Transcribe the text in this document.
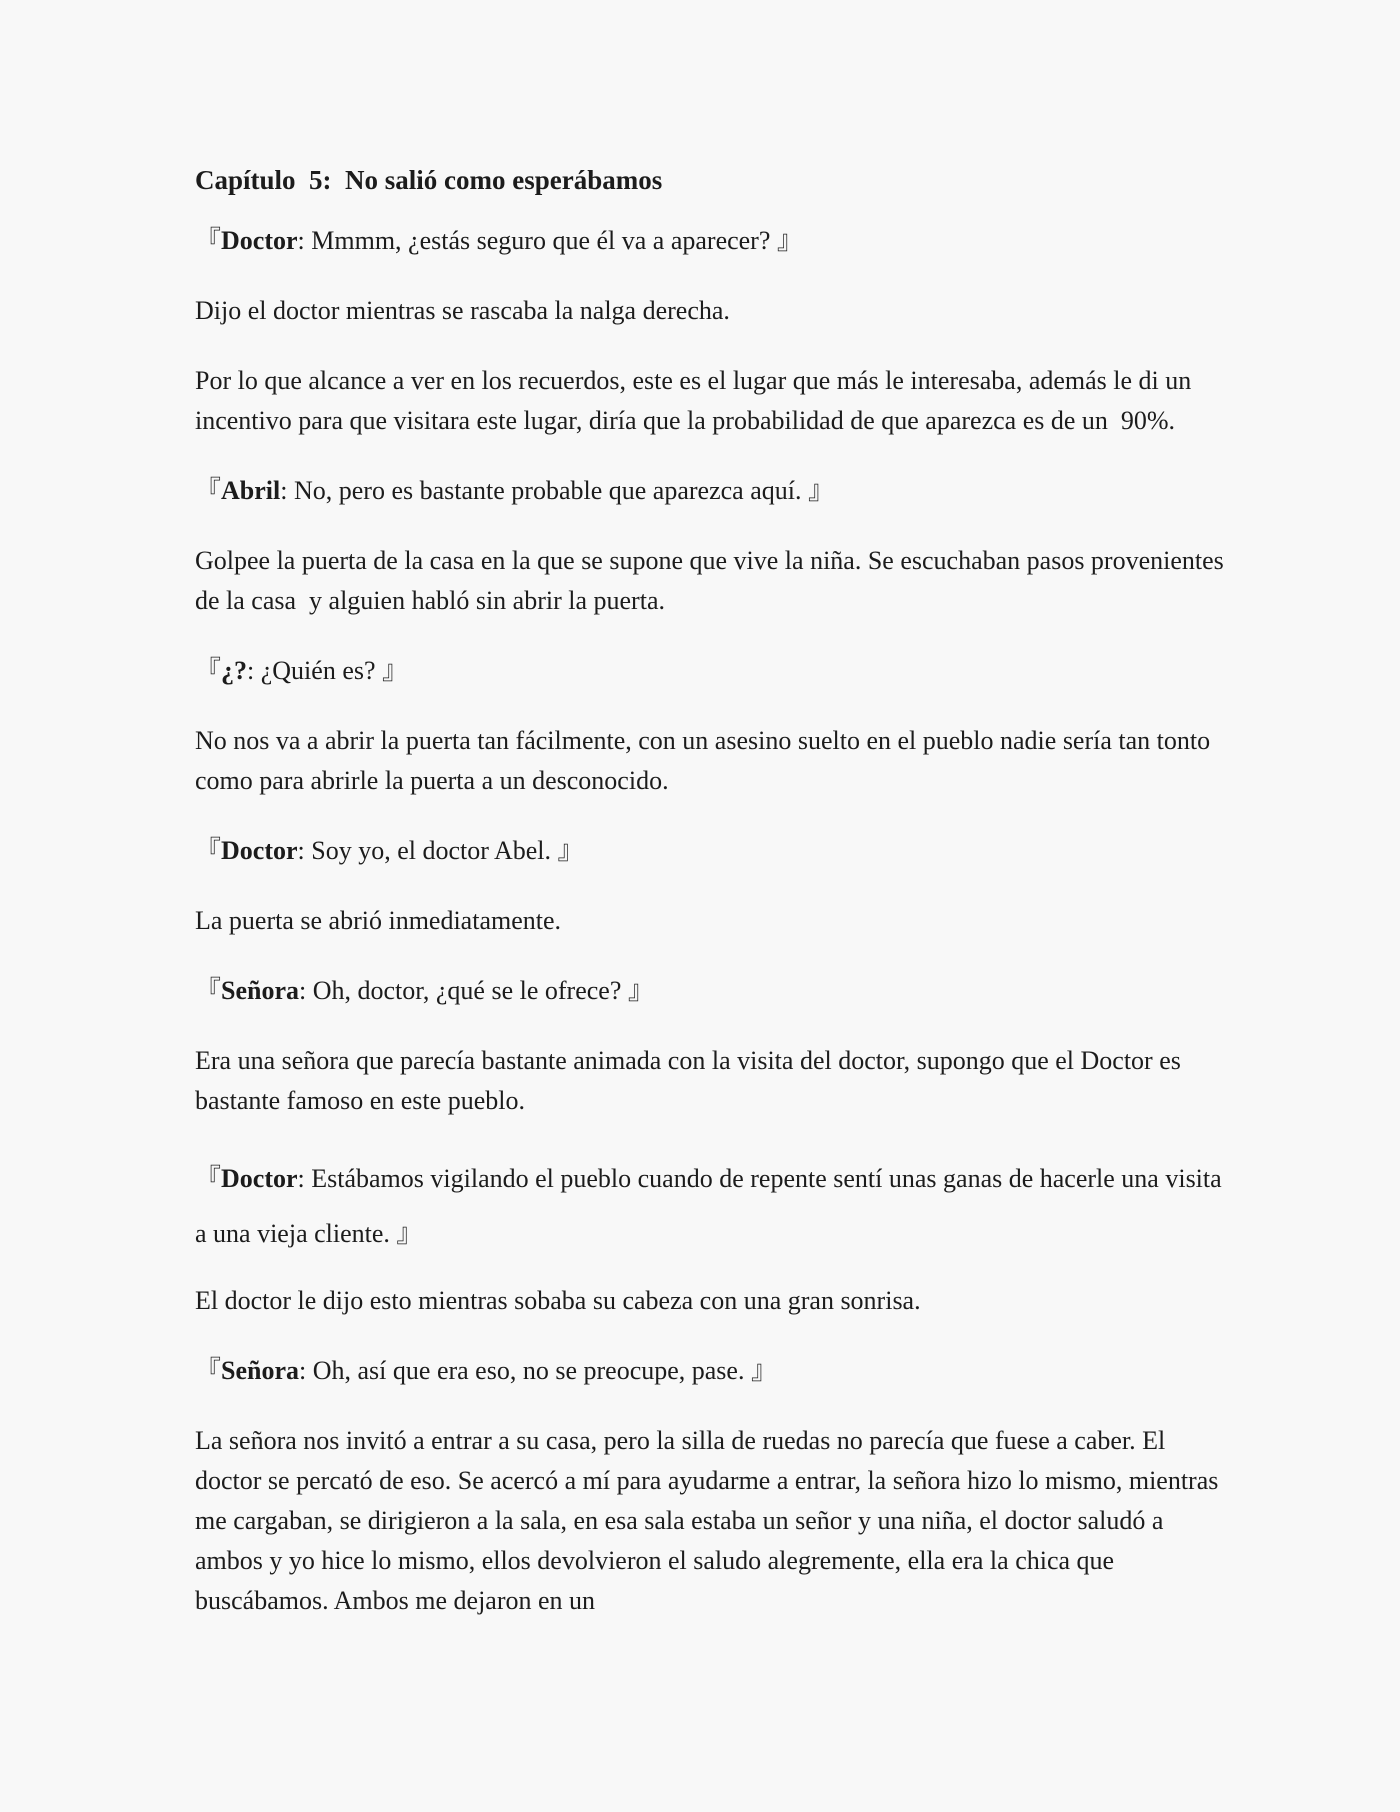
Capítulo  5:  No salió como esperábamos

『Doctor: Mmmm, ¿estás seguro que él va a aparecer? 』

Dijo el doctor mientras se rascaba la nalga derecha.

Por lo que alcance a ver en los recuerdos, este es el lugar que más le interesaba, además le di un incentivo para que visitara este lugar, diría que la probabilidad de que aparezca es de un  90%.

『Abril: No, pero es bastante probable que aparezca aquí. 』

Golpee la puerta de la casa en la que se supone que vive la niña. Se escuchaban pasos provenientes de la casa  y alguien habló sin abrir la puerta.

『¿?: ¿Quién es? 』

No nos va a abrir la puerta tan fácilmente, con un asesino suelto en el pueblo nadie sería tan tonto como para abrirle la puerta a un desconocido.

『Doctor: Soy yo, el doctor Abel. 』

La puerta se abrió inmediatamente.

『Señora: Oh, doctor, ¿qué se le ofrece? 』

Era una señora que parecía bastante animada con la visita del doctor, supongo que el Doctor es bastante famoso en este pueblo.

『Doctor: Estábamos vigilando el pueblo cuando de repente sentí unas ganas de hacerle una visita a una vieja cliente. 』

El doctor le dijo esto mientras sobaba su cabeza con una gran sonrisa.

『Señora: Oh, así que era eso, no se preocupe, pase. 』

La señora nos invitó a entrar a su casa, pero la silla de ruedas no parecía que fuese a caber. El doctor se percató de eso. Se acercó a mí para ayudarme a entrar, la señora hizo lo mismo, mientras me cargaban, se dirigieron a la sala, en esa sala estaba un señor y una niña, el doctor saludó a ambos y yo hice lo mismo, ellos devolvieron el saludo alegremente, ella era la chica que buscábamos. Ambos me dejaron en un
